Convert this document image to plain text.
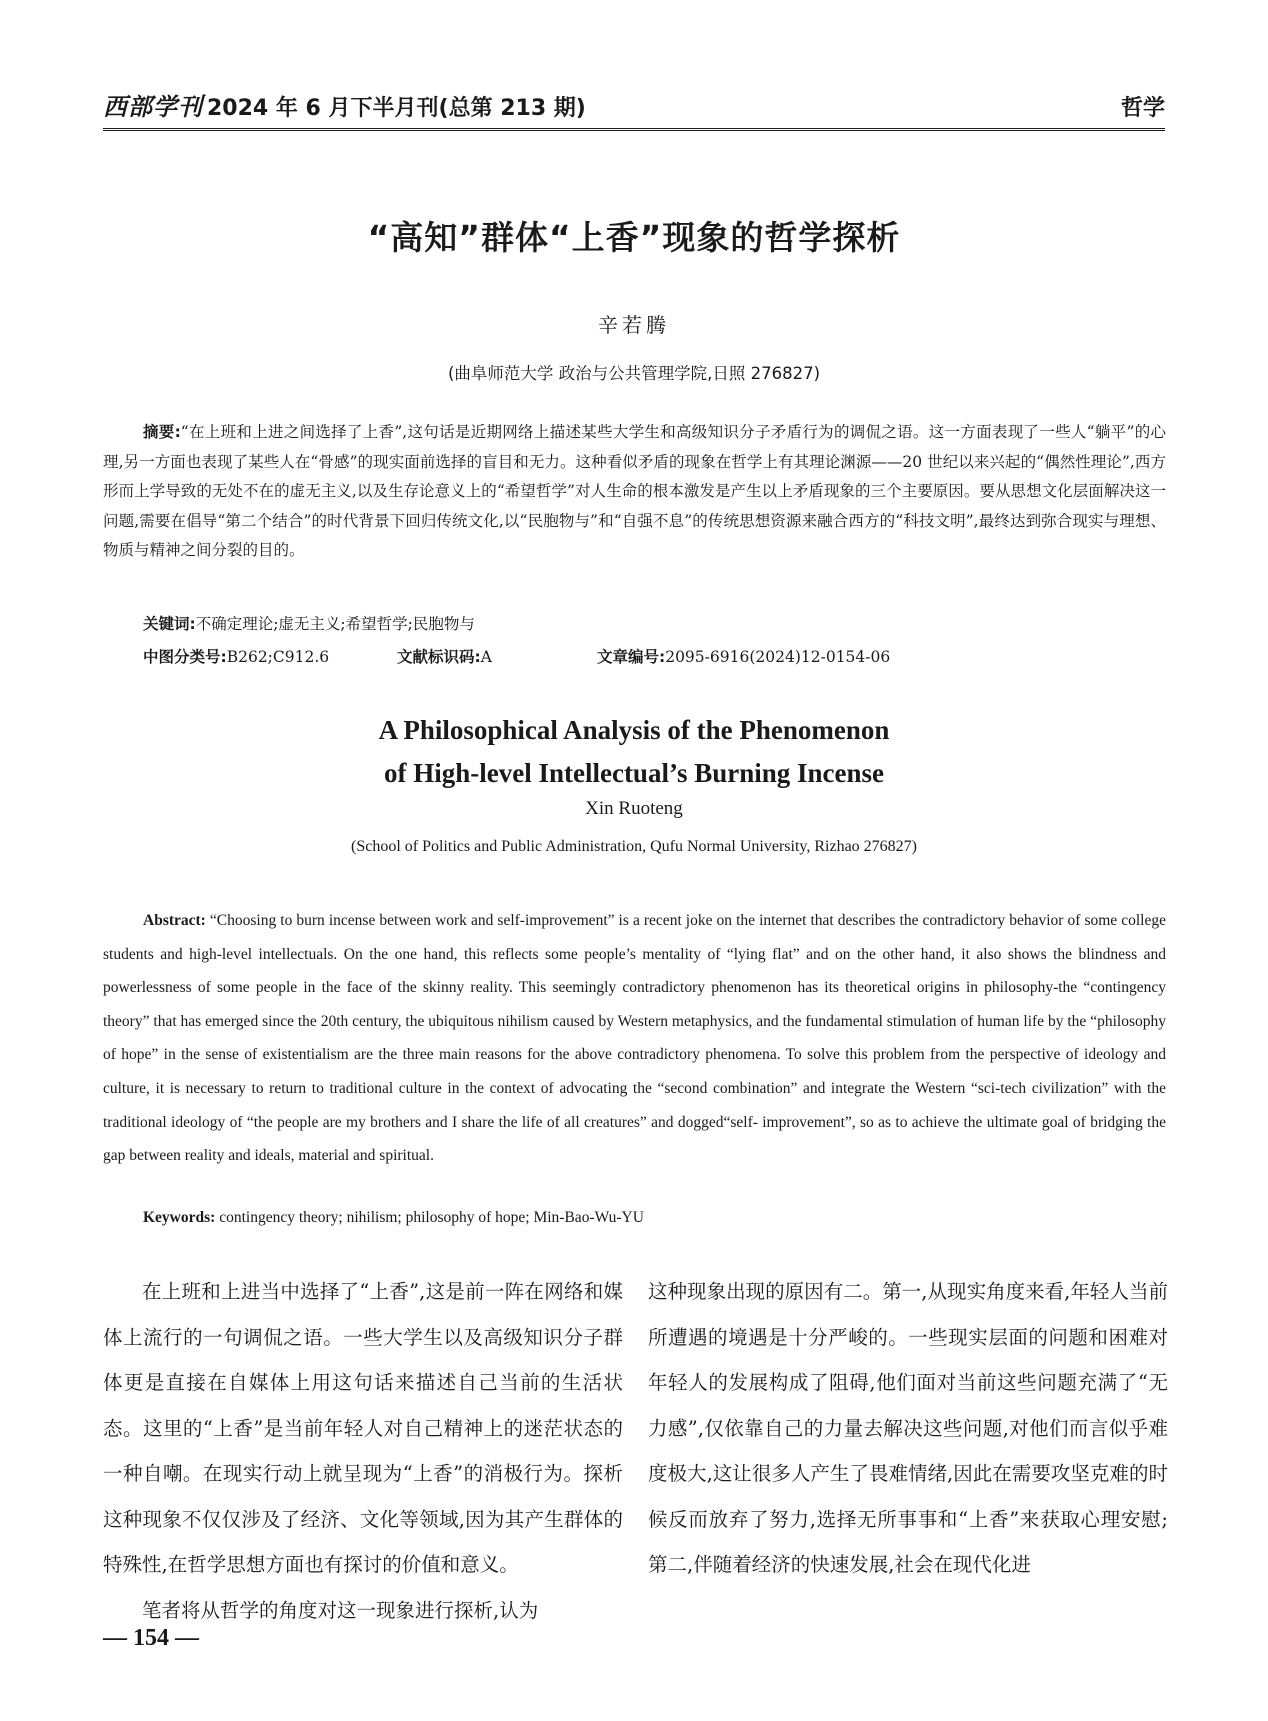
西部学刊 2024 年 6 月下半月刊(总第 213 期)	哲学
“高知”群体“上香”现象的哲学探析
辛若腾
(曲阜师范大学 政治与公共管理学院,日照 276827)
摘要:“在上班和上进之间选择了上香”,这句话是近期网络上描述某些大学生和高级知识分子矛盾行为的调侃之语。这一方面表现了一些人“躺平”的心理,另一方面也表现了某些人在“骨感”的现实面前选择的盲目和无力。这种看似矛盾的现象在哲学上有其理论渊源——20 世纪以来兴起的“偶然性理论”,西方形而上学导致的无处不在的虚无主义,以及生存论意义上的“希望哲学”对人生命的根本激发是产生以上矛盾现象的三个主要原因。要从思想文化层面解决这一问题,需要在倡导“第二个结合”的时代背景下回归传统文化,以“民胞物与”和“自强不息”的传统思想资源来融合西方的“科技文明”,最终达到弥合现实与理想、物质与精神之间分裂的目的。
关键词:不确定理论;虚无主义;希望哲学;民胞物与
中图分类号:B262;C912.6	文献标识码:A	文章编号:2095-6916(2024)12-0154-06
A Philosophical Analysis of the Phenomenon
of High-level Intellectual’s Burning Incense
Xin Ruoteng
(School of Politics and Public Administration, Qufu Normal University, Rizhao 276827)
Abstract: “Choosing to burn incense between work and self-improvement” is a recent joke on the internet that describes the contradictory behavior of some college students and high-level intellectuals. On the one hand, this reflects some people’s mentality of “lying flat” and on the other hand, it also shows the blindness and powerlessness of some people in the face of the skinny reality. This seemingly contradictory phenomenon has its theoretical origins in philosophy-the “contingency theory” that has emerged since the 20th century, the ubiquitous nihilism caused by Western metaphysics, and the fundamental stimulation of human life by the “philosophy of hope” in the sense of existentialism are the three main reasons for the above contradictory phenomena. To solve this problem from the perspective of ideology and culture, it is necessary to return to traditional culture in the context of advocating the “second combination” and integrate the Western “sci-tech civilization” with the traditional ideology of “the people are my brothers and I share the life of all creatures” and dogged“self- improvement”, so as to achieve the ultimate goal of bridging the gap between reality and ideals, material and spiritual.
Keywords: contingency theory; nihilism; philosophy of hope; Min-Bao-Wu-YU

在上班和上进当中选择了“上香”,这是前一阵在网络和媒体上流行的一句调侃之语。一些大学生以及高级知识分子群体更是直接在自媒体上用这句话来描述自己当前的生活状态。这里的“上香”是当前年轻人对自己精神上的迷茫状态的一种自嘲。在现实行动上就呈现为“上香”的消极行为。探析这种现象不仅仅涉及了经济、文化等领域,因为其产生群体的特殊性,在哲学思想方面也有探讨的价值和意义。

笔者将从哲学的角度对这一现象进行探析,认为

这种现象出现的原因有二。第一,从现实角度来看,年轻人当前所遭遇的境遇是十分严峻的。一些现实层面的问题和困难对年轻人的发展构成了阻碍,他们面对当前这些问题充满了“无力感”,仅依靠自己的力量去解决这些问题,对他们而言似乎难度极大,这让很多人产生了畏难情绪,因此在需要攻坚克难的时候反而放弃了努力,选择无所事事和“上香”来获取心理安慰;第二,伴随着经济的快速发展,社会在现代化进

— 154 —
